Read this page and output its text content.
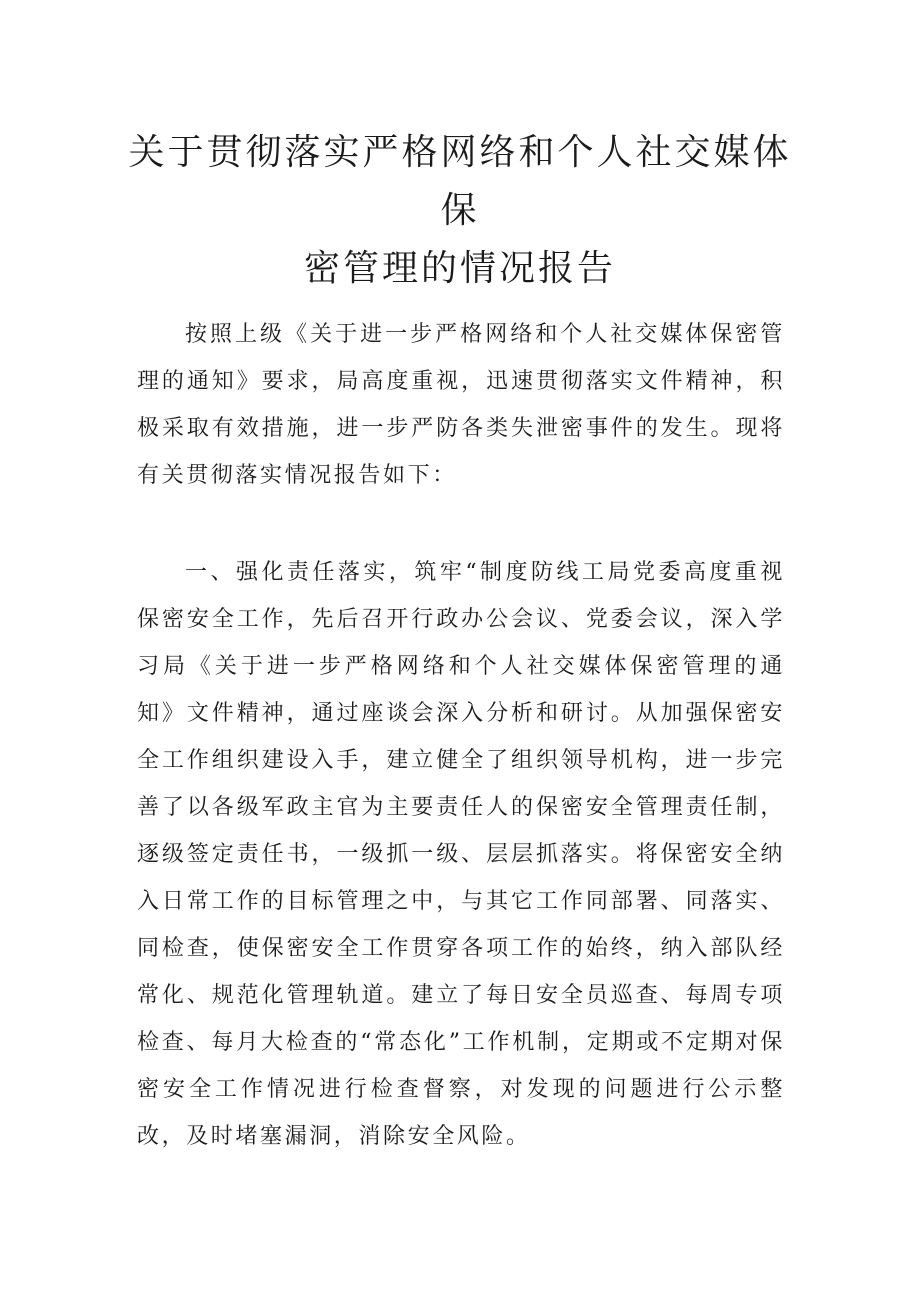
关于贯彻落实严格网络和个人社交媒体保
密管理的情况报告

按照上级《关于进一步严格网络和个人社交媒体保密管理的通知》要求，局高度重视，迅速贯彻落实文件精神，积极采取有效措施，进一步严防各类失泄密事件的发生。现将有关贯彻落实情况报告如下：

一、强化责任落实，筑牢“制度防线工局党委高度重视保密安全工作，先后召开行政办公会议、党委会议，深入学习局《关于进一步严格网络和个人社交媒体保密管理的通知》文件精神，通过座谈会深入分析和研讨。从加强保密安全工作组织建设入手，建立健全了组织领导机构，进一步完善了以各级军政主官为主要责任人的保密安全管理责任制，逐级签定责任书，一级抓一级、层层抓落实。将保密安全纳入日常工作的目标管理之中，与其它工作同部署、同落实、同检查，使保密安全工作贯穿各项工作的始终，纳入部队经常化、规范化管理轨道。建立了每日安全员巡查、每周专项检查、每月大检查的“常态化”工作机制，定期或不定期对保密安全工作情况进行检查督察，对发现的问题进行公示整改，及时堵塞漏洞，消除安全风险。
